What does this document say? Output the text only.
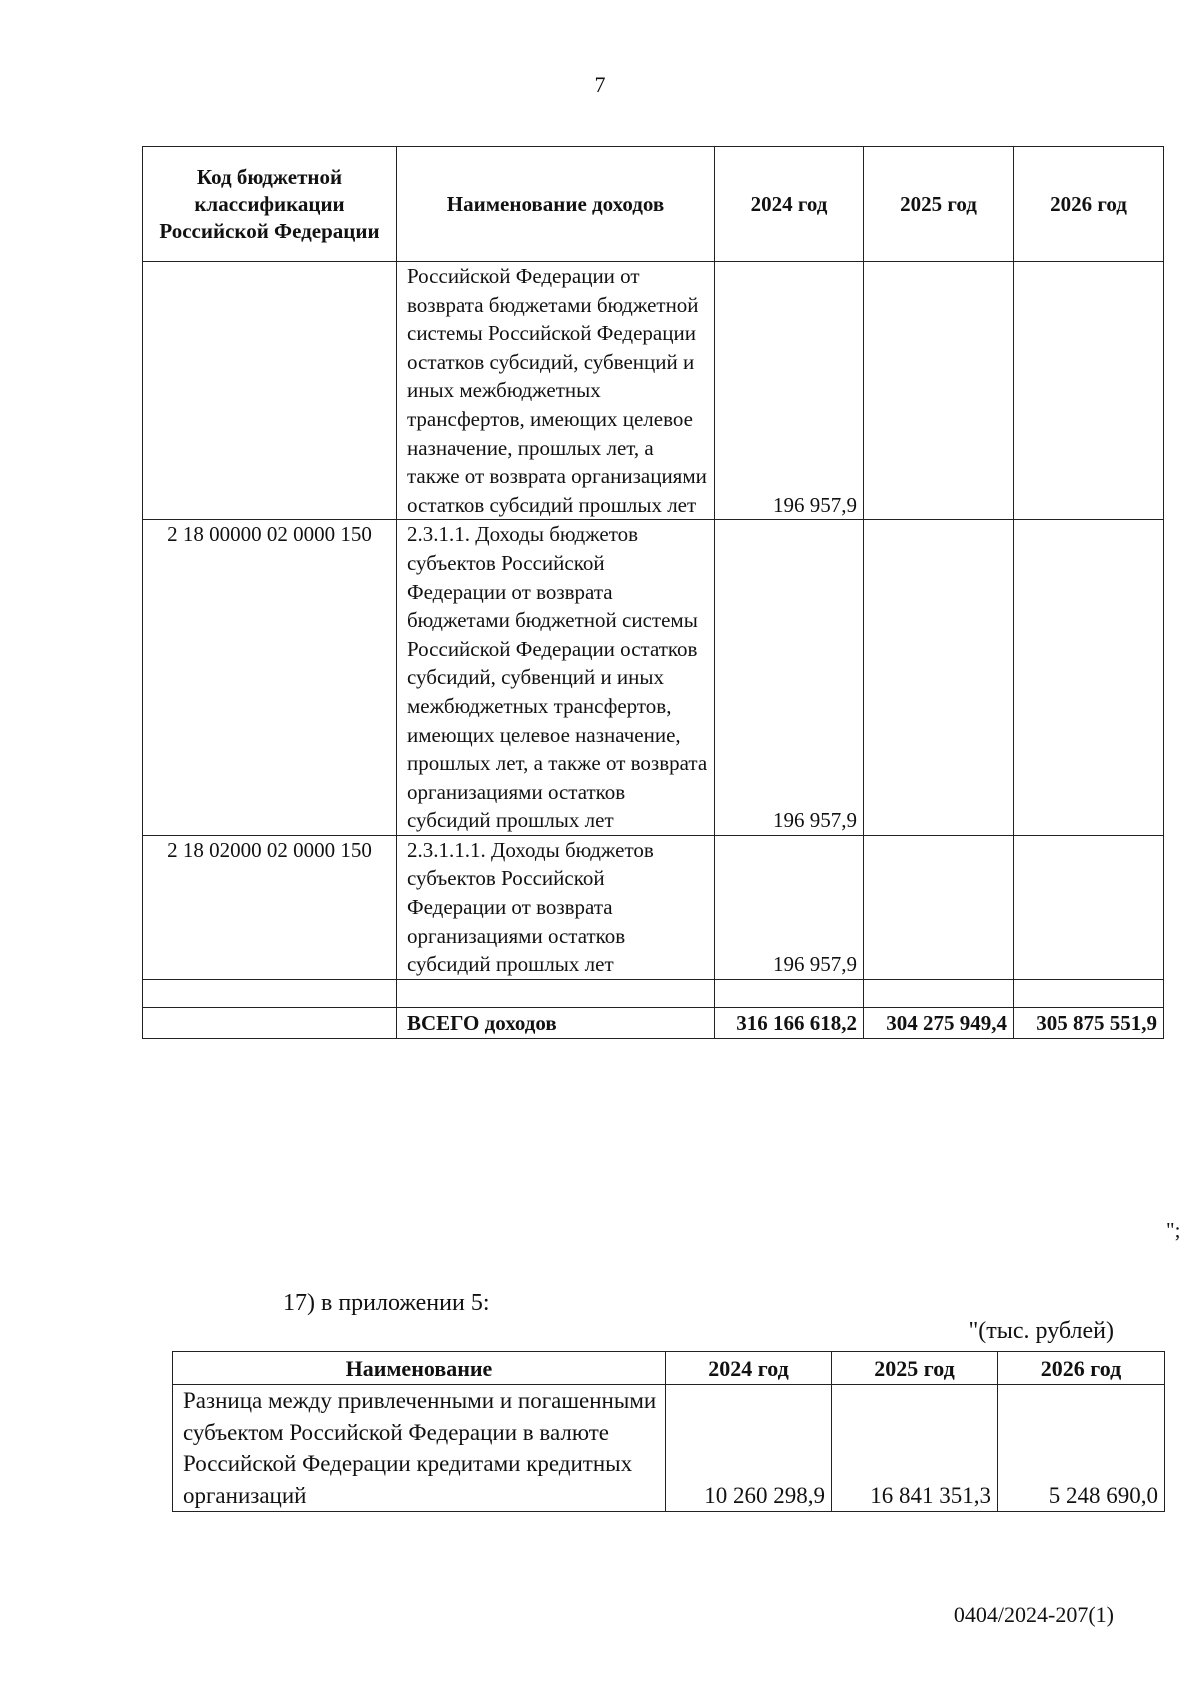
7
Код бюджетной классификации Российской Федерации	Наименование доходов	2024 год	2025 год	2026 год
	Российской Федерации от возврата бюджетами бюджетной системы Российской Федерации остатков субсидий, субвенций и иных межбюджетных трансфертов, имеющих целевое назначение, прошлых лет, а также от возврата организациями остатков субсидий прошлых лет	196 957,9		
2 18 00000 02 0000 150	2.3.1.1. Доходы бюджетов субъектов Российской Федерации от возврата бюджетами бюджетной системы Российской Федерации остатков субсидий, субвенций и иных межбюджетных трансфертов, имеющих целевое назначение, прошлых лет, а также от возврата организациями остатков субсидий прошлых лет	196 957,9		
2 18 02000 02 0000 150	2.3.1.1.1. Доходы бюджетов субъектов Российской Федерации от возврата организациями остатков субсидий прошлых лет	196 957,9		

	ВСЕГО доходов	316 166 618,2	304 275 949,4	305 875 551,9
";
17) в приложении 5:
"(тыс. рублей)
Наименование	2024 год	2025 год	2026 год
Разница между привлеченными и погашенными субъектом Российской Федерации в валюте Российской Федерации кредитами кредитных организаций	10 260 298,9	16 841 351,3	5 248 690,0
0404/2024-207(1)
